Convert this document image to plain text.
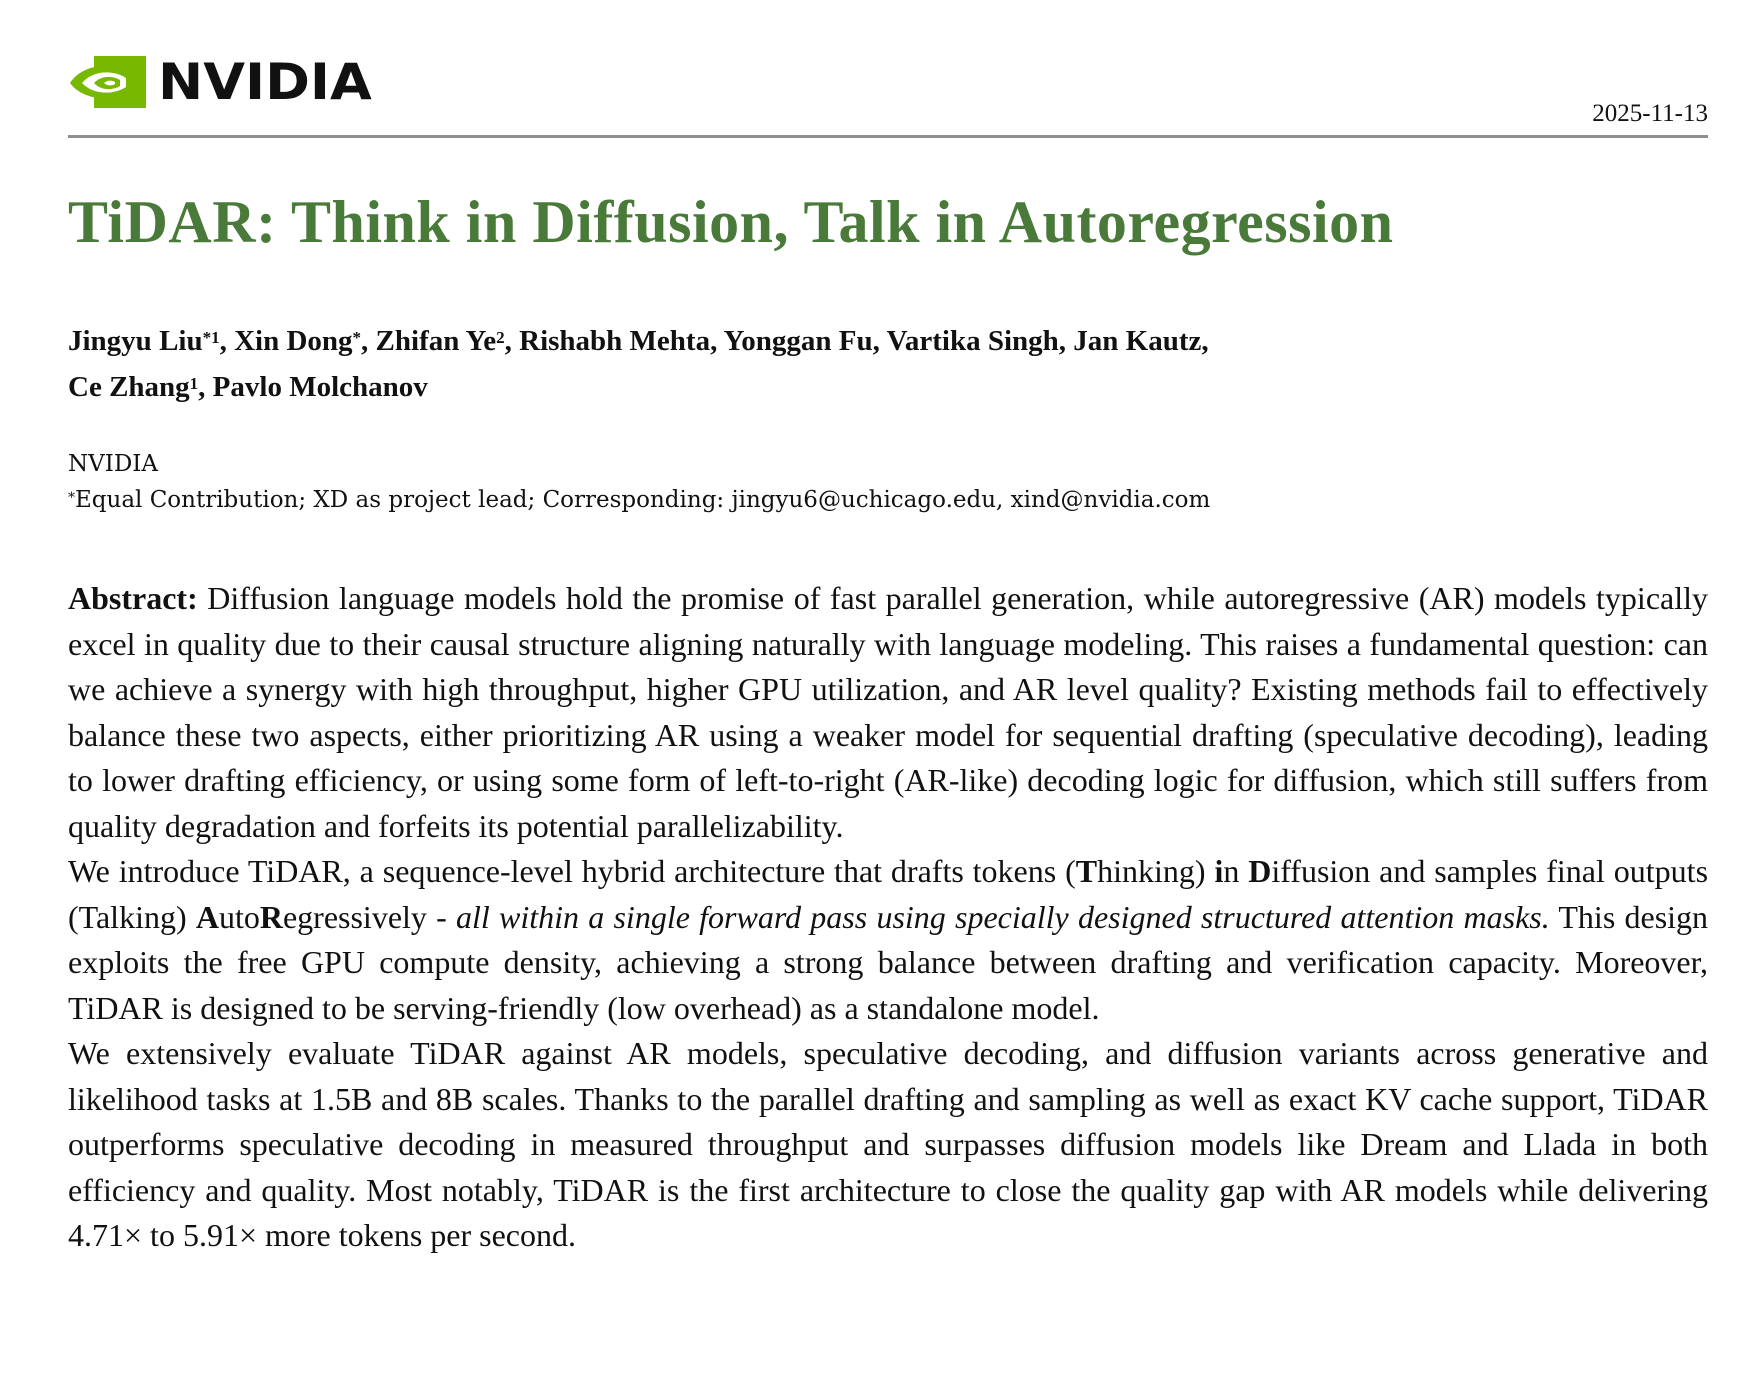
NVIDIA
2025-11-13
TiDAR: Think in Diffusion, Talk in Autoregression
Jingyu Liu$^{*1}$, Xin Dong*, Zhifan Ye$^2$, Rishabh Mehta, Yonggan Fu, Vartika Singh, Jan Kautz,
Ce Zhang$^1$, Pavlo Molchanov
NVIDIA
*Equal Contribution; XD as project lead; Corresponding: jingyu6@uchicago.edu, xind@nvidia.com

Abstract: Diffusion language models hold the promise of fast parallel generation, while autoregressive (AR) models typically excel in quality due to their causal structure aligning naturally with language modeling. This raises a fundamental question: can we achieve a synergy with high throughput, higher GPU utilization, and AR level quality? Existing methods fail to effectively balance these two aspects, either prioritizing AR using a weaker model for sequential drafting (speculative decoding), leading to lower drafting efficiency, or using some form of left-to-right (AR-like) decoding logic for diffusion, which still suffers from quality degradation and forfeits its potential parallelizability.

We introduce TiDAR, a sequence-level hybrid architecture that drafts tokens (Thinking) in Diffusion and samples final outputs (Talking) AutoRegressively - all within a single forward pass using specially designed structured attention masks. This design exploits the free GPU compute density, achieving a strong balance between drafting and verification capacity. Moreover, TiDAR is designed to be serving-friendly (low overhead) as a standalone model.

We extensively evaluate TiDAR against AR models, speculative decoding, and diffusion variants across generative and likelihood tasks at 1.5B and 8B scales. Thanks to the parallel drafting and sampling as well as exact KV cache support, TiDAR outperforms speculative decoding in measured throughput and surpasses diffusion models like Dream and Llada in both efficiency and quality. Most notably, TiDAR is the first architecture to close the quality gap with AR models while delivering 4.71× to 5.91× more tokens per second.
